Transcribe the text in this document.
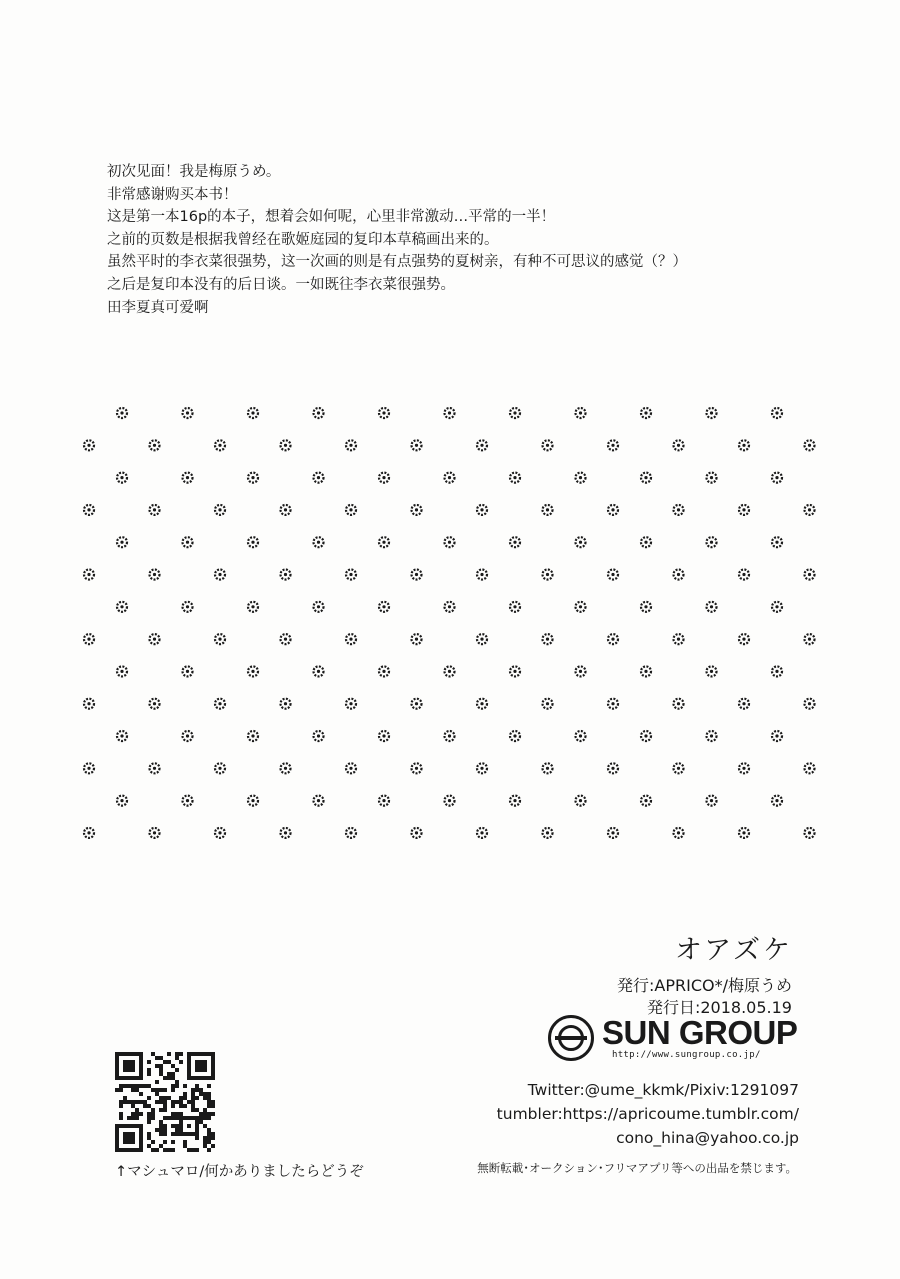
初次见面！我是梅原うめ。
非常感谢购买本书！
这是第一本16p的本子，想着会如何呢，心里非常激动…平常的一半！
之前的页数是根据我曾经在歌姬庭园的复印本草稿画出来的。
虽然平时的李衣菜很强势，这一次画的则是有点强势的夏树亲，有种不可思议的感觉（？）
之后是复印本没有的后日谈。一如既往李衣菜很强势。
田李夏真可爱啊
オアズケ
発行:APRICO*/梅原うめ
発行日:2018.05.19
SUN GROUP
http://www.sungroup.co.jp/
↑マシュマロ/何かありましたらどうぞ
Twitter:@ume_kkmk/Pixiv:1291097
tumbler:https://apricoume.tumblr.com/
cono_hina@yahoo.co.jp
無断転載･オークション･フリマアプリ等への出品を禁じます。
